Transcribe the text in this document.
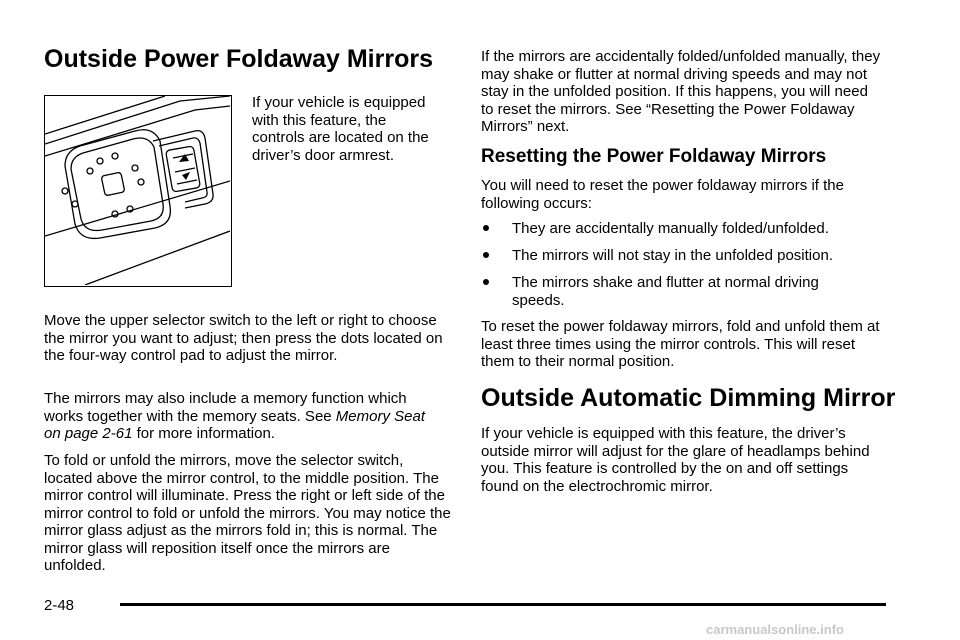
Outside Power Foldaway Mirrors
If your vehicle is equipped
with this feature, the
controls are located on the
driver’s door armrest.

Move the upper selector switch to the left or right to choose the mirror you want to adjust; then press the dots located on the four-way control pad to adjust the mirror.

The mirrors may also include a memory function which works together with the memory seats. See Memory Seat on page 2-61 for more information.

To fold or unfold the mirrors, move the selector switch, located above the mirror control, to the middle position. The mirror control will illuminate. Press the right or left side of the mirror control to fold or unfold the mirrors. You may notice the mirror glass adjust as the mirrors fold in; this is normal. The mirror glass will reposition itself once the mirrors are unfolded.

If the mirrors are accidentally folded/unfolded manually, they may shake or flutter at normal driving speeds and may not stay in the unfolded position. If this happens, you will need to reset the mirrors. See “Resetting the Power Foldaway Mirrors” next.

Resetting the Power Foldaway Mirrors

You will need to reset the power foldaway mirrors if the following occurs:

They are accidentally manually folded/unfolded.
The mirrors will not stay in the unfolded position.
The mirrors shake and flutter at normal driving speeds.

To reset the power foldaway mirrors, fold and unfold them at least three times using the mirror controls. This will reset them to their normal position.

Outside Automatic Dimming Mirror

If your vehicle is equipped with this feature, the driver’s outside mirror will adjust for the glare of headlamps behind you. This feature is controlled by the on and off settings found on the electrochromic mirror.

2-48
carmanualsonline.info
